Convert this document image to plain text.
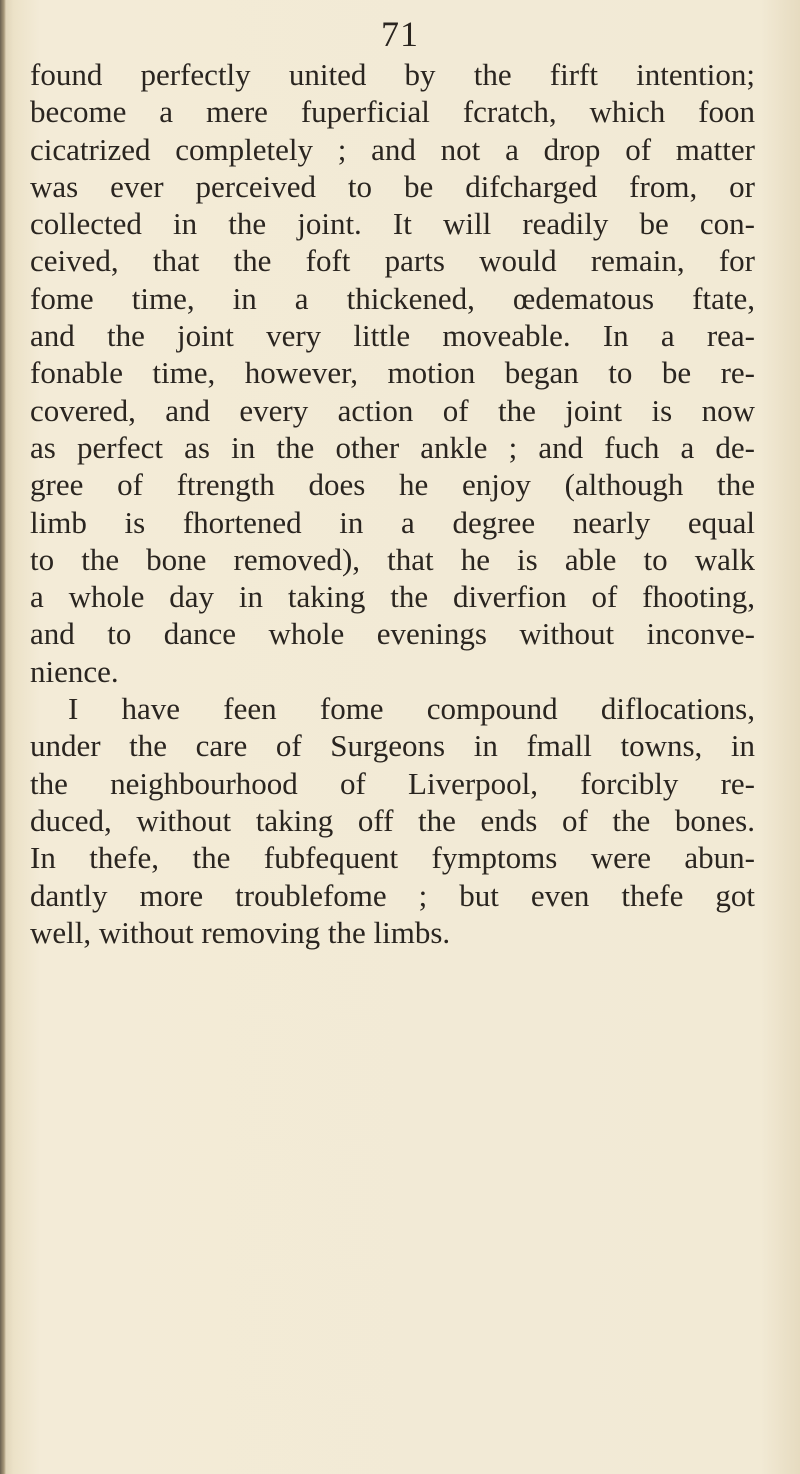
71
found perfectly united by the firft intention;
become a mere fuperficial fcratch, which foon
cicatrized completely ; and not a drop of matter
was ever perceived to be difcharged from, or
collected in the joint. It will readily be con-
ceived, that the foft parts would remain, for
fome time, in a thickened, œdematous ftate,
and the joint very little moveable. In a rea-
fonable time, however, motion began to be re-
covered, and every action of the joint is now
as perfect as in the other ankle ; and fuch a de-
gree of ftrength does he enjoy (although the
limb is fhortened in a degree nearly equal
to the bone removed), that he is able to walk
a whole day in taking the diverfion of fhooting,
and to dance whole evenings without inconve-
nience.
I have feen fome compound diflocations,
under the care of Surgeons in fmall towns, in
the neighbourhood of Liverpool, forcibly re-
duced, without taking off the ends of the bones.
In thefe, the fubfequent fymptoms were abun-
dantly more troublefome ; but even thefe got
well, without removing the limbs.
